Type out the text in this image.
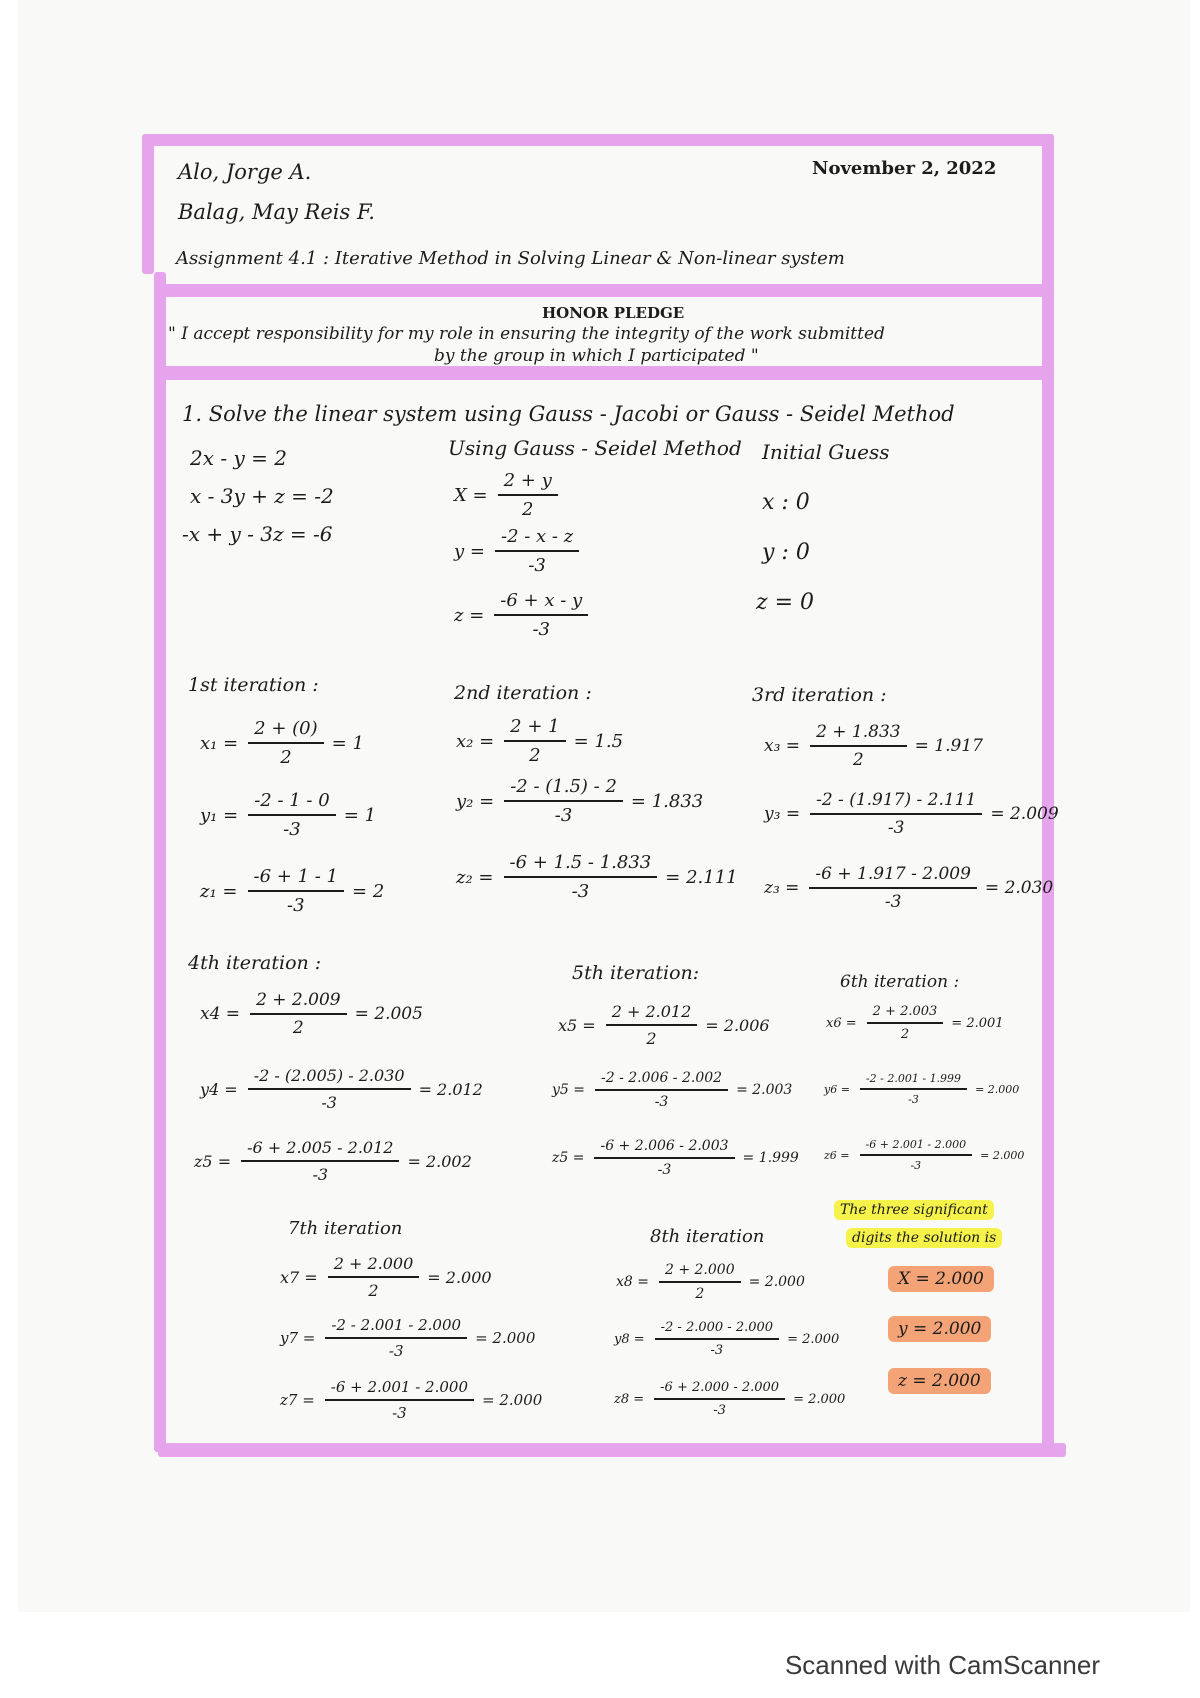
Alo, Jorge A.
Balag, May Reis F.
November 2, 2022
Assignment 4.1 : Iterative Method in Solving Linear & Non-linear system
HONOR PLEDGE
" I accept responsibility for my role in ensuring the integrity of the work submitted
by the group in which I participated "
1. Solve the linear system using Gauss - Jacobi or Gauss - Seidel Method
2x - y = 2
x - 3y + z = -2
-x + y - 3z = -6
Using Gauss - Seidel Method
$X = \frac{2 + y}{2}$
$y = \frac{-2 - x - z}{-3}$
$z = \frac{-6 + x - y}{-3}$
Initial Guess
x : 0
y : 0
z = 0
1st iteration :
$x_1 = \frac{2 + (0)}{2} = 1$
$y_1 = \frac{-2 - 1 - 0}{-3} = 1$
$z_1 = \frac{-6 + 1 - 1}{-3} = 2$
2nd iteration :
$x_2 = \frac{2 + 1}{2} = 1.5$
$y_2 = \frac{-2 - (1.5) - 2}{-3} = 1.833$
$z_2 = \frac{-6 + 1.5 - 1.833}{-3} = 2.111$
3rd iteration :
$x_3 = \frac{2 + 1.833}{2} = 1.917$
$y_3 = \frac{-2 - (1.917) - 2.111}{-3} = 2.009$
$z_3 = \frac{-6 + 1.917 - 2.009}{-3} = 2.030$
4th iteration :
$x4 = \frac{2 + 2.009}{2} = 2.005$
$y4 = \frac{-2 - (2.005) - 2.030}{-3} = 2.012$
$z5 = \frac{-6 + 2.005 - 2.012}{-3} = 2.002$
5th iteration:
$x5 = \frac{2 + 2.012}{2} = 2.006$
$y5 = \frac{-2 - 2.006 - 2.002}{-3} = 2.003$
$z5 = \frac{-6 + 2.006 - 2.003}{-3} = 1.999$
6th iteration :
$x6 = \frac{2 + 2.003}{2} = 2.001$
$y6 = \frac{-2 - 2.001 - 1.999}{-3} = 2.000$
$z6 = \frac{-6 + 2.001 - 2.000}{-3} = 2.000$
7th iteration
$x7 = \frac{2 + 2.000}{2} = 2.000$
$y7 = \frac{-2 - 2.001 - 2.000}{-3} = 2.000$
$z7 = \frac{-6 + 2.001 - 2.000}{-3} = 2.000$
8th iteration
$x8 = \frac{2 + 2.000}{2} = 2.000$
$y8 = \frac{-2 - 2.000 - 2.000}{-3} = 2.000$
$z8 = \frac{-6 + 2.000 - 2.000}{-3} = 2.000$
The three significant
digits the solution is
X = 2.000
y = 2.000
z = 2.000
Scanned with CamScanner
